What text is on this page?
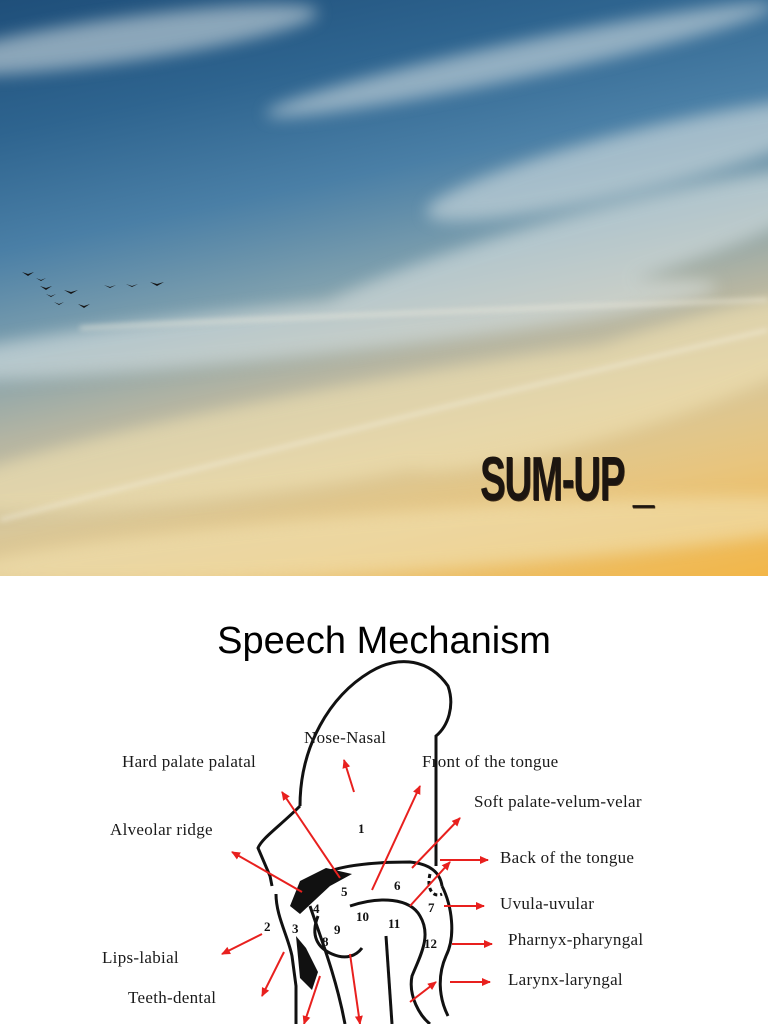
SUM-UP _
Speech Mechanism
1
2 3
4
5	6
7
8
9
10 11
12

Nose-Nasal

Hard palate palatal	Front of the tongue

Soft palate-velum-velar

Alveolar ridge

Back of the tongue

Uvula-uvular

Lips-labial

Pharnyx-pharyngal

Teeth-dental

Larynx-laryngal
